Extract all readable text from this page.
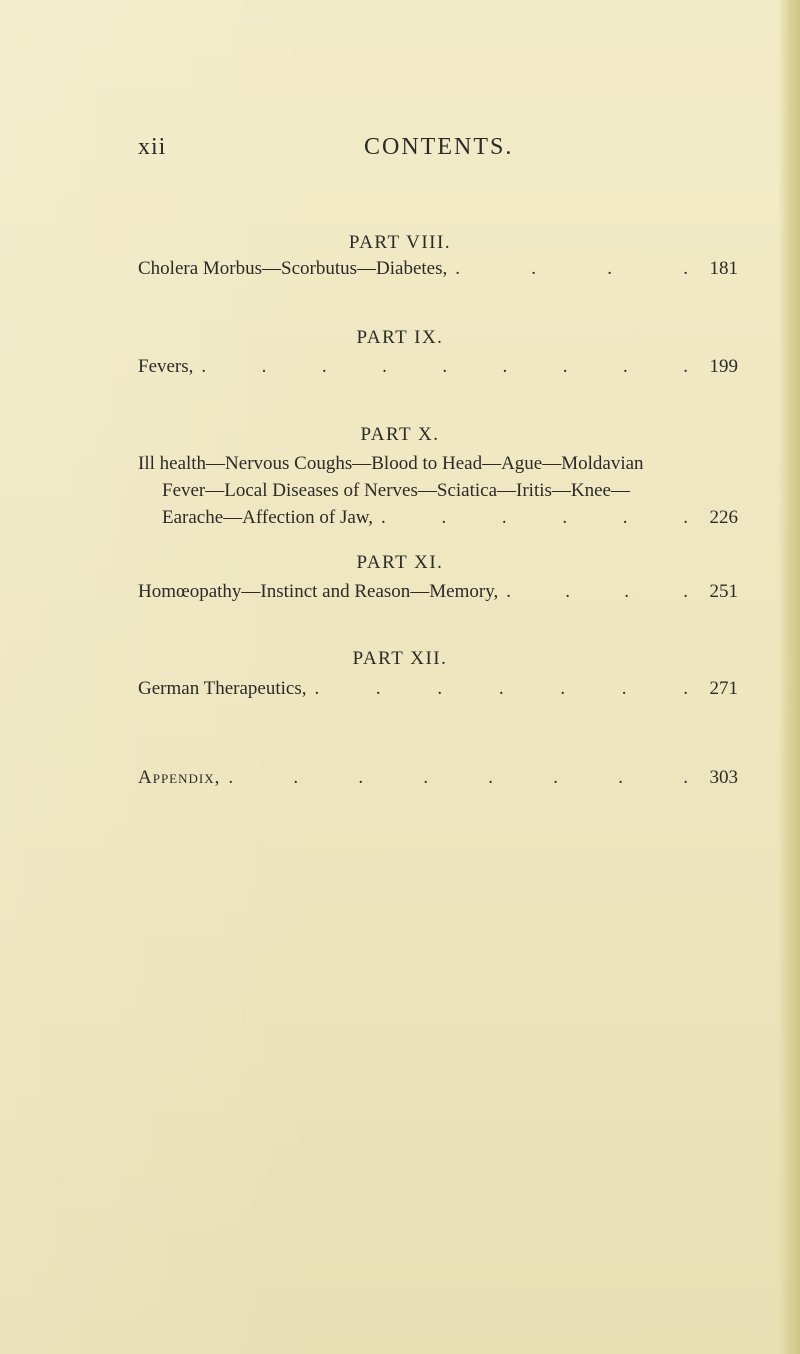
xii	CONTENTS.
PART VIII.
Cholera Morbus—Scorbutus—Diabetes, . . . .	181
PART IX.
Fevers, . . . . . . . . .	199
PART X.
Ill health—Nervous Coughs—Blood to Head—Ague—Moldavian
Fever—Local Diseases of Nerves—Sciatica—Iritis—Knee—
Earache—Affection of Jaw, . . . . . .	226
PART XI.
Homœopathy—Instinct and Reason—Memory, . . . .	251
PART XII.
German Therapeutics, . . . . . . .	271
Appendix, . . . . . . . .	303
